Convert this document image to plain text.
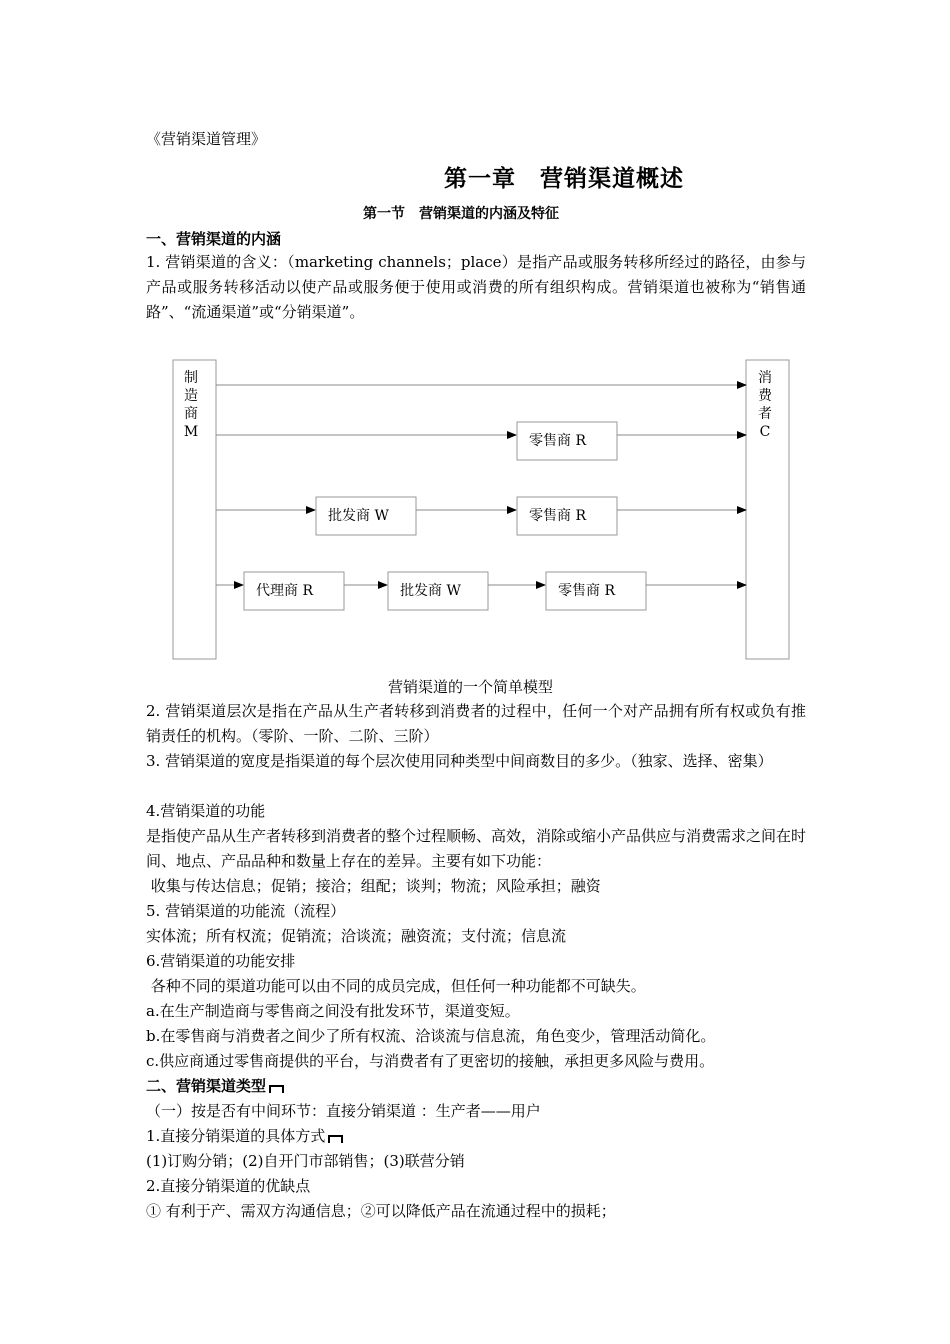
《营销渠道管理》
第一章　营销渠道概述
第一节　营销渠道的内涵及特征
一、营销渠道的内涵
1. 营销渠道的含义：（marketing channels；place）是指产品或服务转移所经过的路径，由参与产品或服务转移活动以使产品或服务便于使用或消费的所有组织构成。营销渠道也被称为“销售通路”、“流通渠道”或“分销渠道”。
制
造
商
M
消
费
者
C
零售商 R
批发商 W	零售商 R
代理商 R	批发商 W	零售商 R
营销渠道的一个简单模型
2. 营销渠道层次是指在产品从生产者转移到消费者的过程中，任何一个对产品拥有所有权或负有推销责任的机构。（零阶、一阶、二阶、三阶）
3. 营销渠道的宽度是指渠道的每个层次使用同种类型中间商数目的多少。（独家、选择、密集）
4.营销渠道的功能
是指使产品从生产者转移到消费者的整个过程顺畅、高效，消除或缩小产品供应与消费需求之间在时间、地点、产品品种和数量上存在的差异。主要有如下功能：
收集与传达信息；促销；接洽；组配；谈判；物流；风险承担；融资
5. 营销渠道的功能流（流程）
实体流；所有权流；促销流；洽谈流；融资流；支付流；信息流
6.营销渠道的功能安排
各种不同的渠道功能可以由不同的成员完成，但任何一种功能都不可缺失。
a.在生产制造商与零售商之间没有批发环节，渠道变短。
b.在零售商与消费者之间少了所有权流、洽谈流与信息流，角色变少，管理活动简化。
c.供应商通过零售商提供的平台，与消费者有了更密切的接触，承担更多风险与费用。
二、营销渠道类型
（一）按是否有中间环节：直接分销渠道 ：生产者——用户
1.直接分销渠道的具体方式
(1)订购分销；(2)自开门市部销售；(3)联营分销
2.直接分销渠道的优缺点
① 有利于产、需双方沟通信息；②可以降低产品在流通过程中的损耗；
